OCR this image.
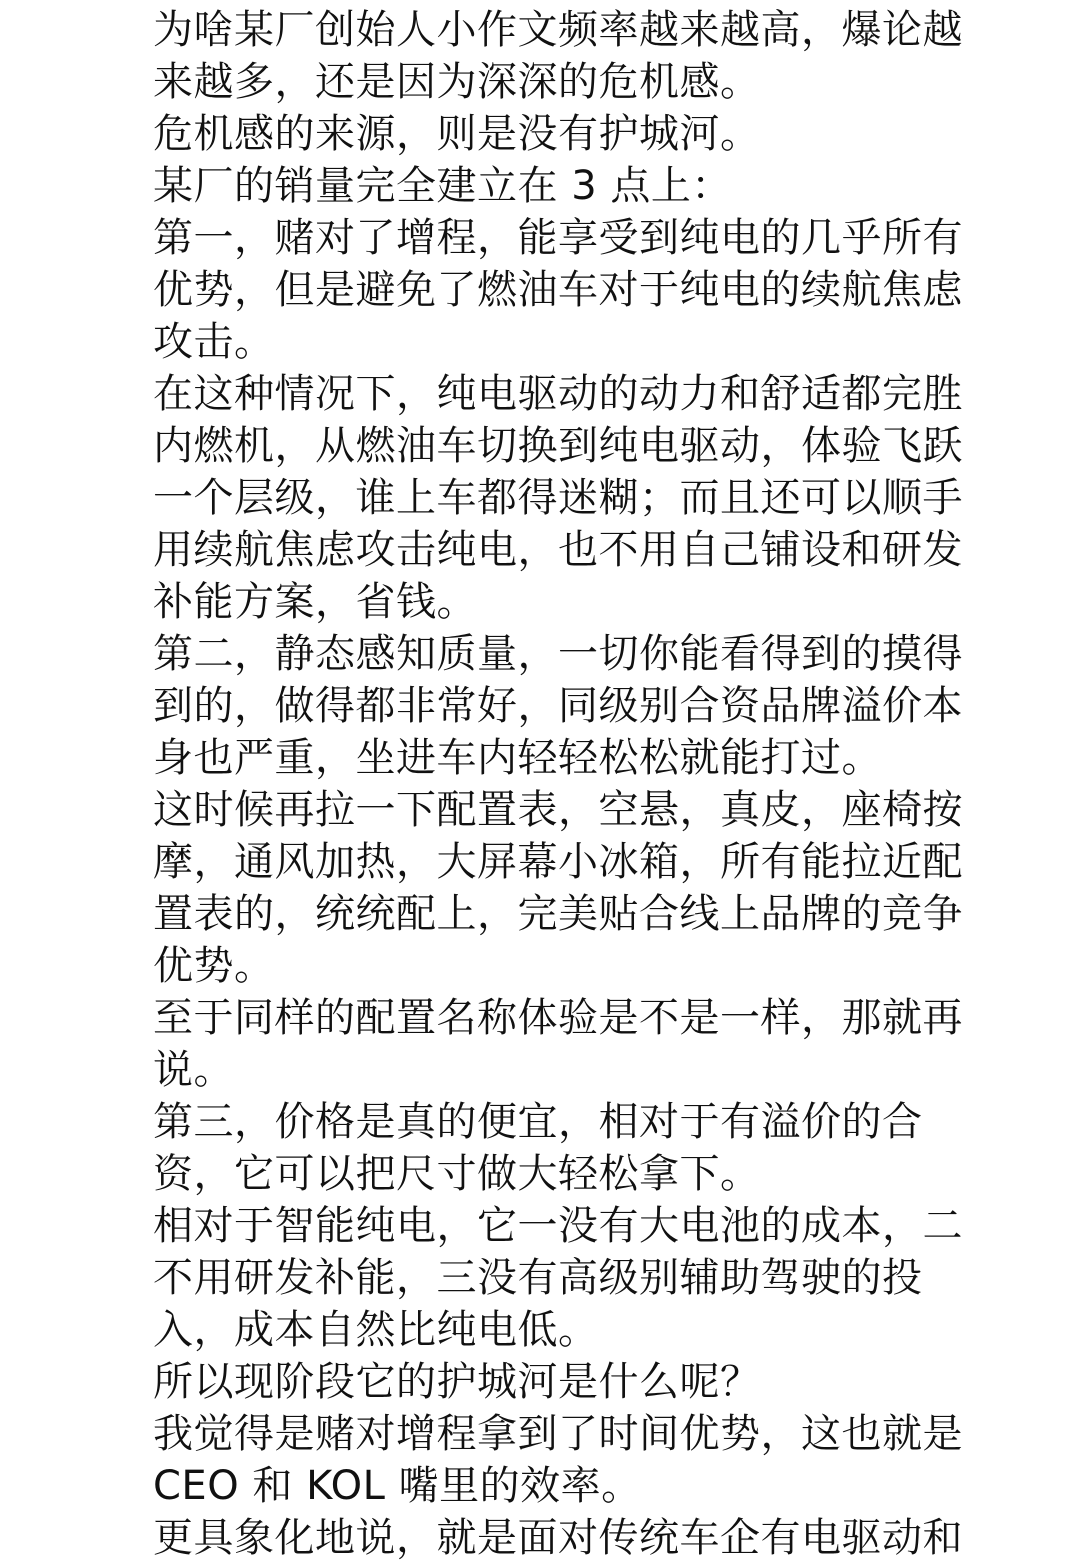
为啥某厂创始人小作文频率越来越高，爆论越
来越多，还是因为深深的危机感。
危机感的来源，则是没有护城河。
某厂的销量完全建立在 3 点上：
第一，赌对了增程，能享受到纯电的几乎所有
优势，但是避免了燃油车对于纯电的续航焦虑
攻击。
在这种情况下，纯电驱动的动力和舒适都完胜
内燃机，从燃油车切换到纯电驱动，体验飞跃
一个层级，谁上车都得迷糊；而且还可以顺手
用续航焦虑攻击纯电，也不用自己铺设和研发
补能方案，省钱。
第二，静态感知质量，一切你能看得到的摸得
到的，做得都非常好，同级别合资品牌溢价本
身也严重，坐进车内轻轻松松就能打过。
这时候再拉一下配置表，空悬，真皮，座椅按
摩，通风加热，大屏幕小冰箱，所有能拉近配
置表的，统统配上，完美贴合线上品牌的竞争
优势。
至于同样的配置名称体验是不是一样，那就再
说。
第三，价格是真的便宜，相对于有溢价的合
资，它可以把尺寸做大轻松拿下。
相对于智能纯电，它一没有大电池的成本，二
不用研发补能，三没有高级别辅助驾驶的投
入，成本自然比纯电低。
所以现阶段它的护城河是什么呢？
我觉得是赌对增程拿到了时间优势，这也就是
CEO 和 KOL 嘴里的效率。
更具象化地说，就是面对传统车企有电驱动和
